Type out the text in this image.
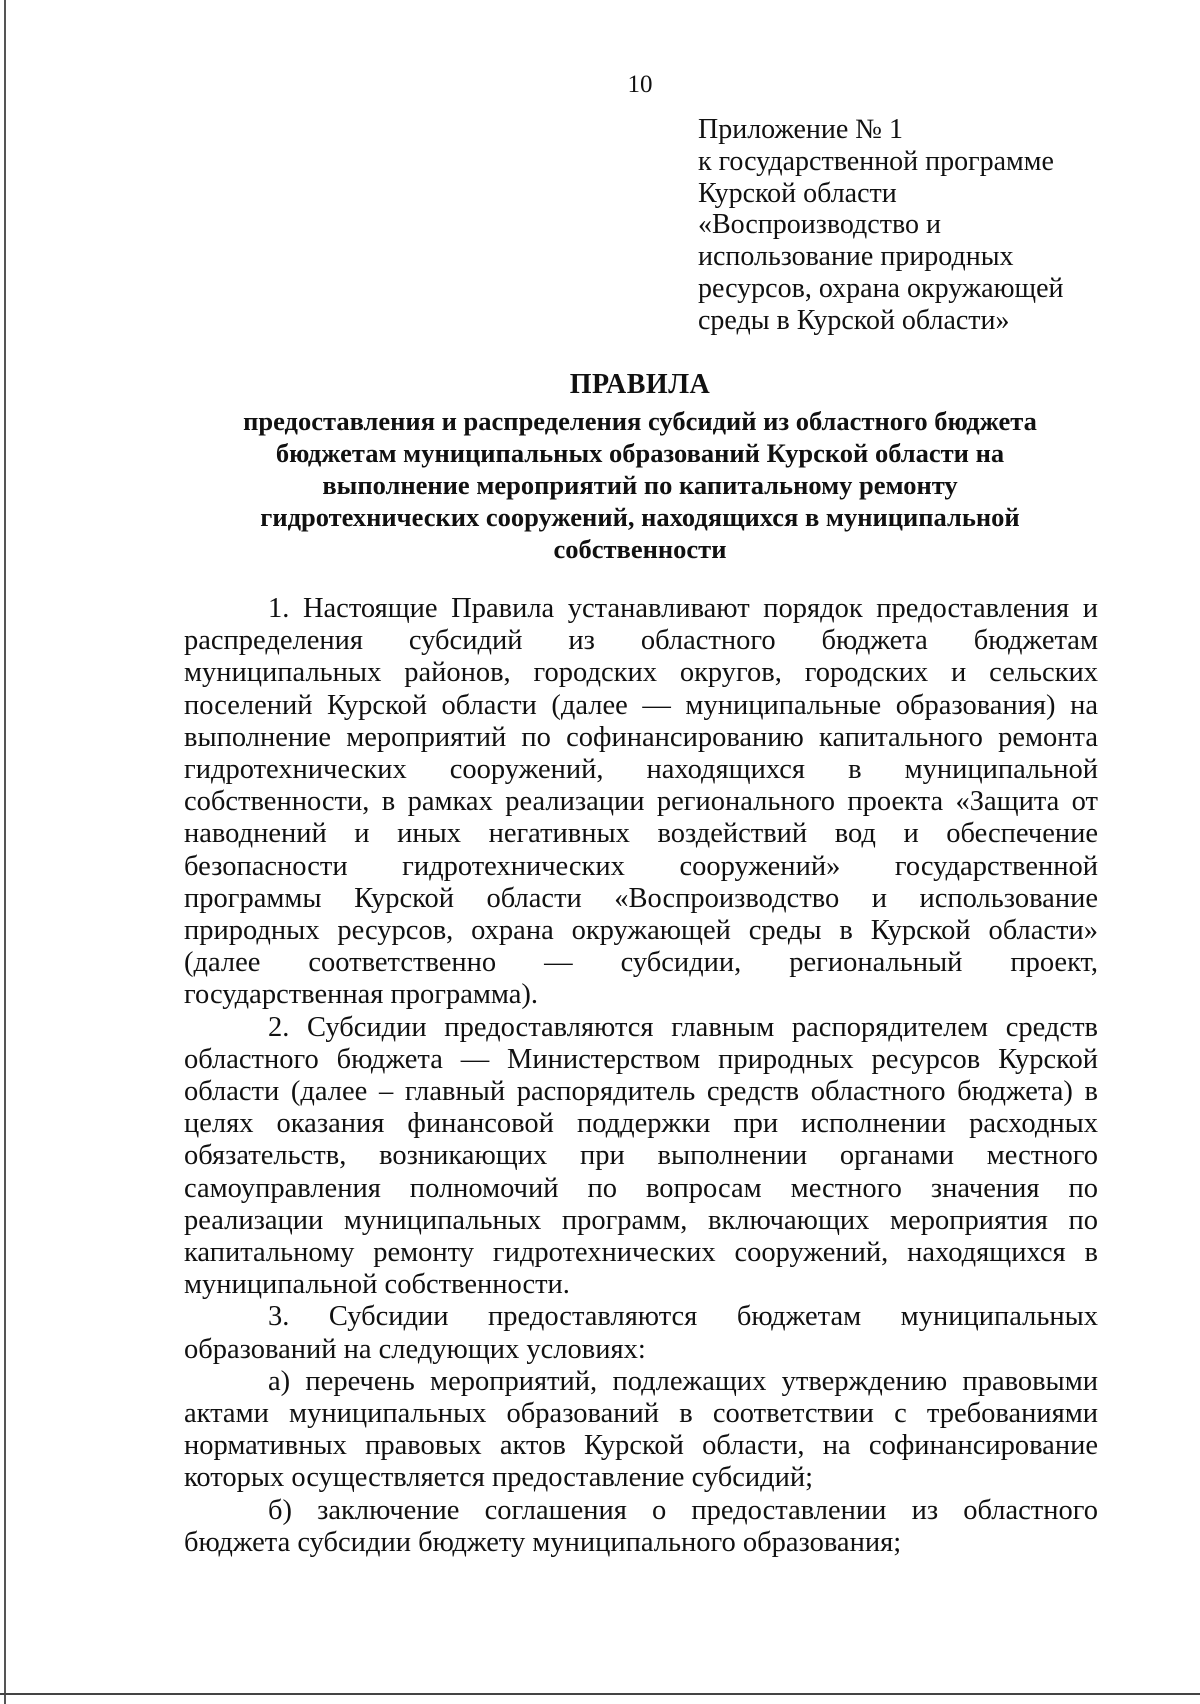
10
Приложение № 1
к государственной программе
Курской области
«Воспроизводство и
использование природных
ресурсов, охрана окружающей
среды в Курской области»
ПРАВИЛА
предоставления и распределения субсидий из областного бюджета
бюджетам муниципальных образований Курской области на
выполнение мероприятий по капитальному ремонту
гидротехнических сооружений, находящихся в муниципальной
собственности

1. Настоящие Правила устанавливают порядок предоставления и распределения субсидий из областного бюджета бюджетам муниципальных районов, городских округов, городских и сельских поселений Курской области (далее — муниципальные образования) на выполнение мероприятий по софинансированию капитального ремонта гидротехнических сооружений, находящихся в муниципальной собственности, в рамках реализации регионального проекта «Защита от наводнений и иных негативных воздействий вод и обеспечение безопасности гидротехнических сооружений» государственной программы Курской области «Воспроизводство и использование природных ресурсов, охрана окружающей среды в Курской области» (далее соответственно — субсидии, региональный проект, государственная программа).

2. Субсидии предоставляются главным распорядителем средств областного бюджета — Министерством природных ресурсов Курской области (далее – главный распорядитель средств областного бюджета) в целях оказания финансовой поддержки при исполнении расходных обязательств, возникающих при выполнении органами местного самоуправления полномочий по вопросам местного значения по реализации муниципальных программ, включающих мероприятия по капитальному ремонту гидротехнических сооружений, находящихся в муниципальной собственности.

3. Субсидии предоставляются бюджетам муниципальных образований на следующих условиях:

а) перечень мероприятий, подлежащих утверждению правовыми актами муниципальных образований в соответствии с требованиями нормативных правовых актов Курской области, на софинансирование которых осуществляется предоставление субсидий;

б) заключение соглашения о предоставлении из областного бюджета субсидии бюджету муниципального образования;
